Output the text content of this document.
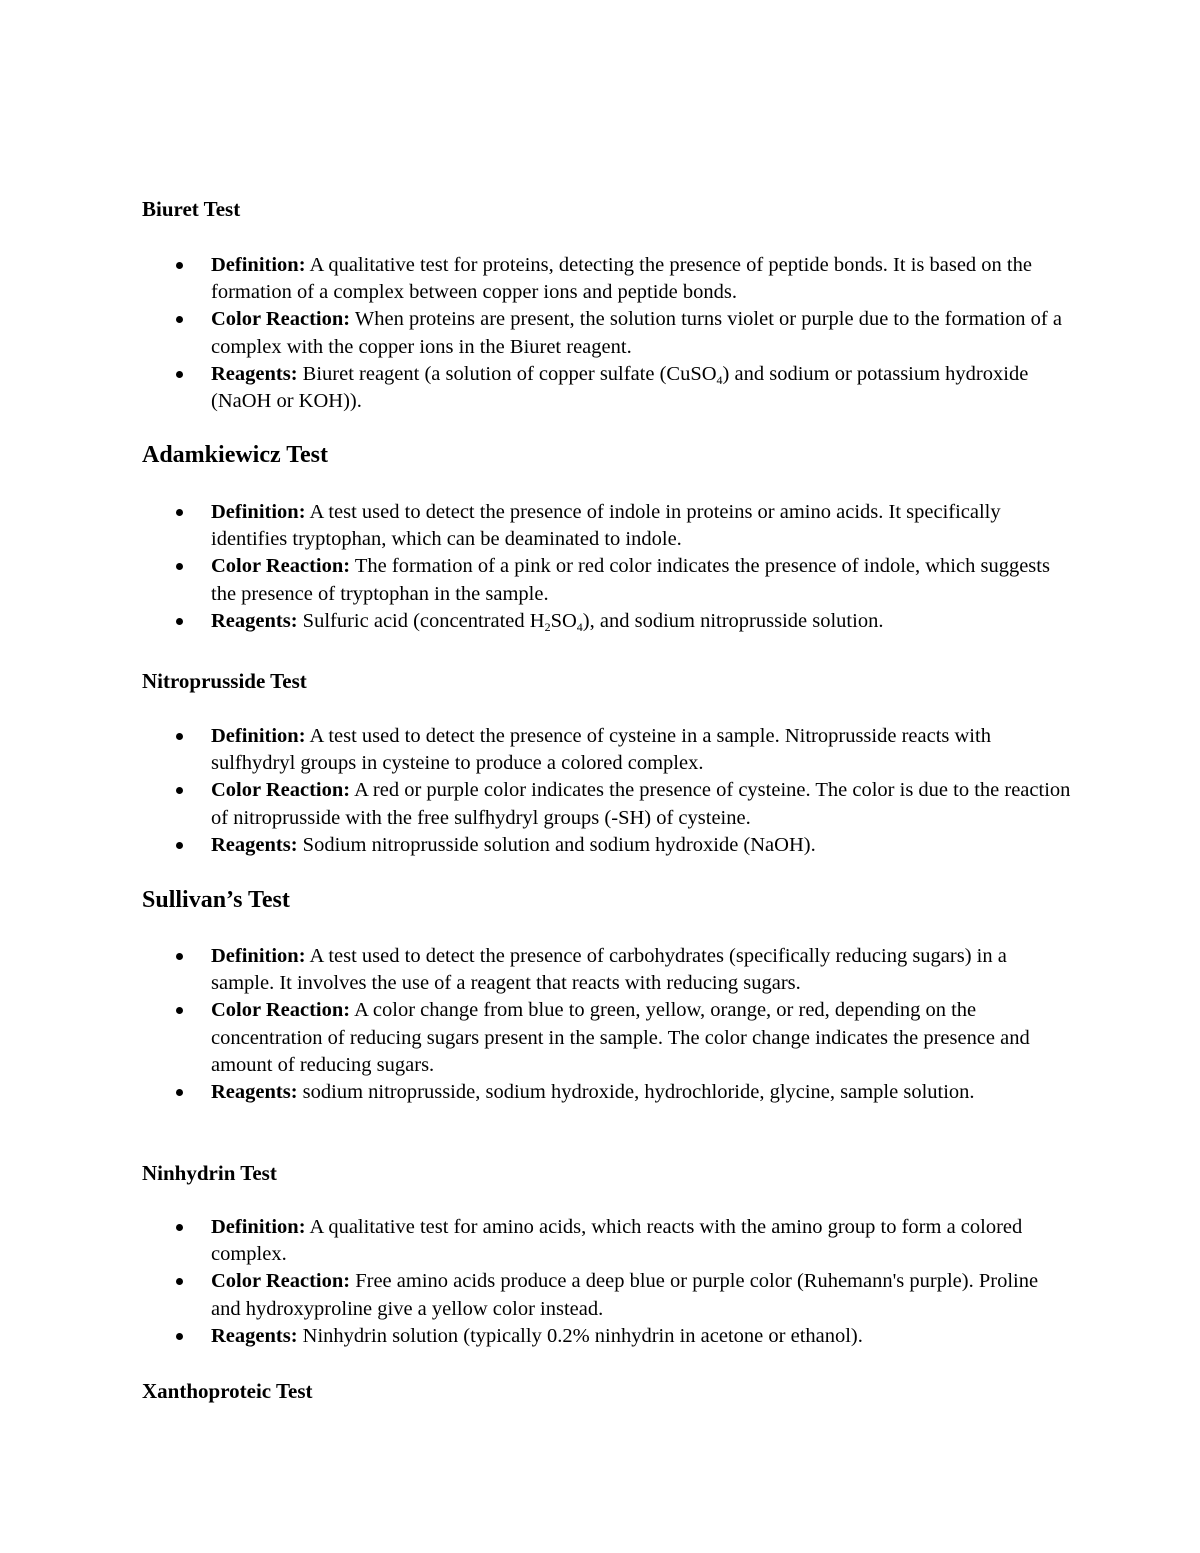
Biuret Test
Definition: A qualitative test for proteins, detecting the presence of peptide bonds. It is based on the formation of a complex between copper ions and peptide bonds.
Color Reaction: When proteins are present, the solution turns violet or purple due to the formation of a complex with the copper ions in the Biuret reagent.
Reagents: Biuret reagent (a solution of copper sulfate (CuSO$_4$) and sodium or potassium hydroxide (NaOH or KOH)).
Adamkiewicz Test
Definition: A test used to detect the presence of indole in proteins or amino acids. It specifically identifies tryptophan, which can be deaminated to indole.
Color Reaction: The formation of a pink or red color indicates the presence of indole, which suggests the presence of tryptophan in the sample.
Reagents: Sulfuric acid (concentrated $H_2SO_4$), and sodium nitroprusside solution.
Nitroprusside Test
Definition: A test used to detect the presence of cysteine in a sample. Nitroprusside reacts with sulfhydryl groups in cysteine to produce a colored complex.
Color Reaction: A red or purple color indicates the presence of cysteine. The color is due to the reaction of nitroprusside with the free sulfhydryl groups (-SH) of cysteine.
Reagents: Sodium nitroprusside solution and sodium hydroxide (NaOH).
Sullivan’s Test
Definition: A test used to detect the presence of carbohydrates (specifically reducing sugars) in a sample. It involves the use of a reagent that reacts with reducing sugars.
Color Reaction: A color change from blue to green, yellow, orange, or red, depending on the concentration of reducing sugars present in the sample. The color change indicates the presence and amount of reducing sugars.
Reagents: sodium nitroprusside, sodium hydroxide, hydrochloride, glycine, sample solution.
Ninhydrin Test
Definition: A qualitative test for amino acids, which reacts with the amino group to form a colored complex.
Color Reaction: Free amino acids produce a deep blue or purple color (Ruhemann's purple). Proline and hydroxyproline give a yellow color instead.
Reagents: Ninhydrin solution (typically 0.2% ninhydrin in acetone or ethanol).
Xanthoproteic Test
